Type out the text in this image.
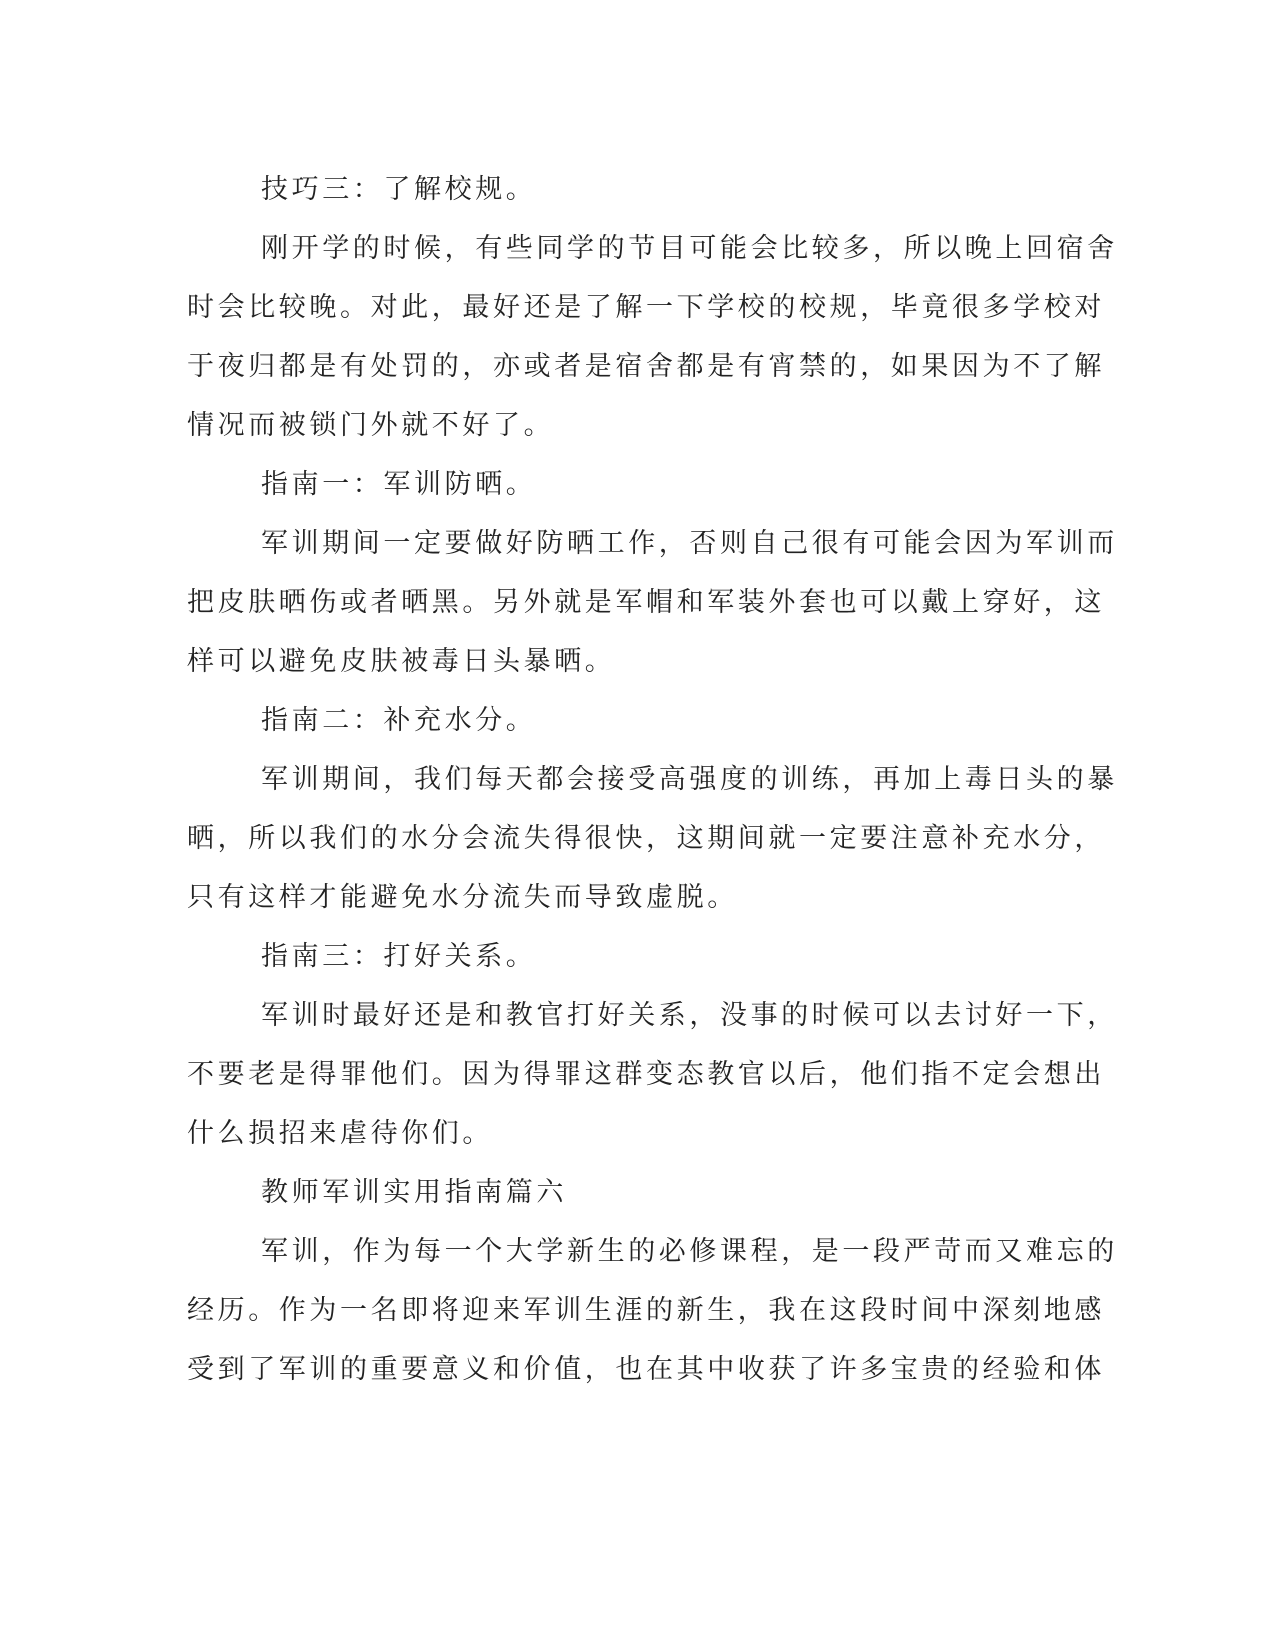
技巧三：了解校规。
刚开学的时候，有些同学的节目可能会比较多，所以晚上回宿舍
时会比较晚。对此，最好还是了解一下学校的校规，毕竟很多学校对
于夜归都是有处罚的，亦或者是宿舍都是有宵禁的，如果因为不了解
情况而被锁门外就不好了。
指南一：军训防晒。
军训期间一定要做好防晒工作，否则自己很有可能会因为军训而
把皮肤晒伤或者晒黑。另外就是军帽和军装外套也可以戴上穿好，这
样可以避免皮肤被毒日头暴晒。
指南二：补充水分。
军训期间，我们每天都会接受高强度的训练，再加上毒日头的暴
晒，所以我们的水分会流失得很快，这期间就一定要注意补充水分，
只有这样才能避免水分流失而导致虚脱。
指南三：打好关系。
军训时最好还是和教官打好关系，没事的时候可以去讨好一下，
不要老是得罪他们。因为得罪这群变态教官以后，他们指不定会想出
什么损招来虐待你们。
教师军训实用指南篇六
军训，作为每一个大学新生的必修课程，是一段严苛而又难忘的
经历。作为一名即将迎来军训生涯的新生，我在这段时间中深刻地感
受到了军训的重要意义和价值，也在其中收获了许多宝贵的经验和体
